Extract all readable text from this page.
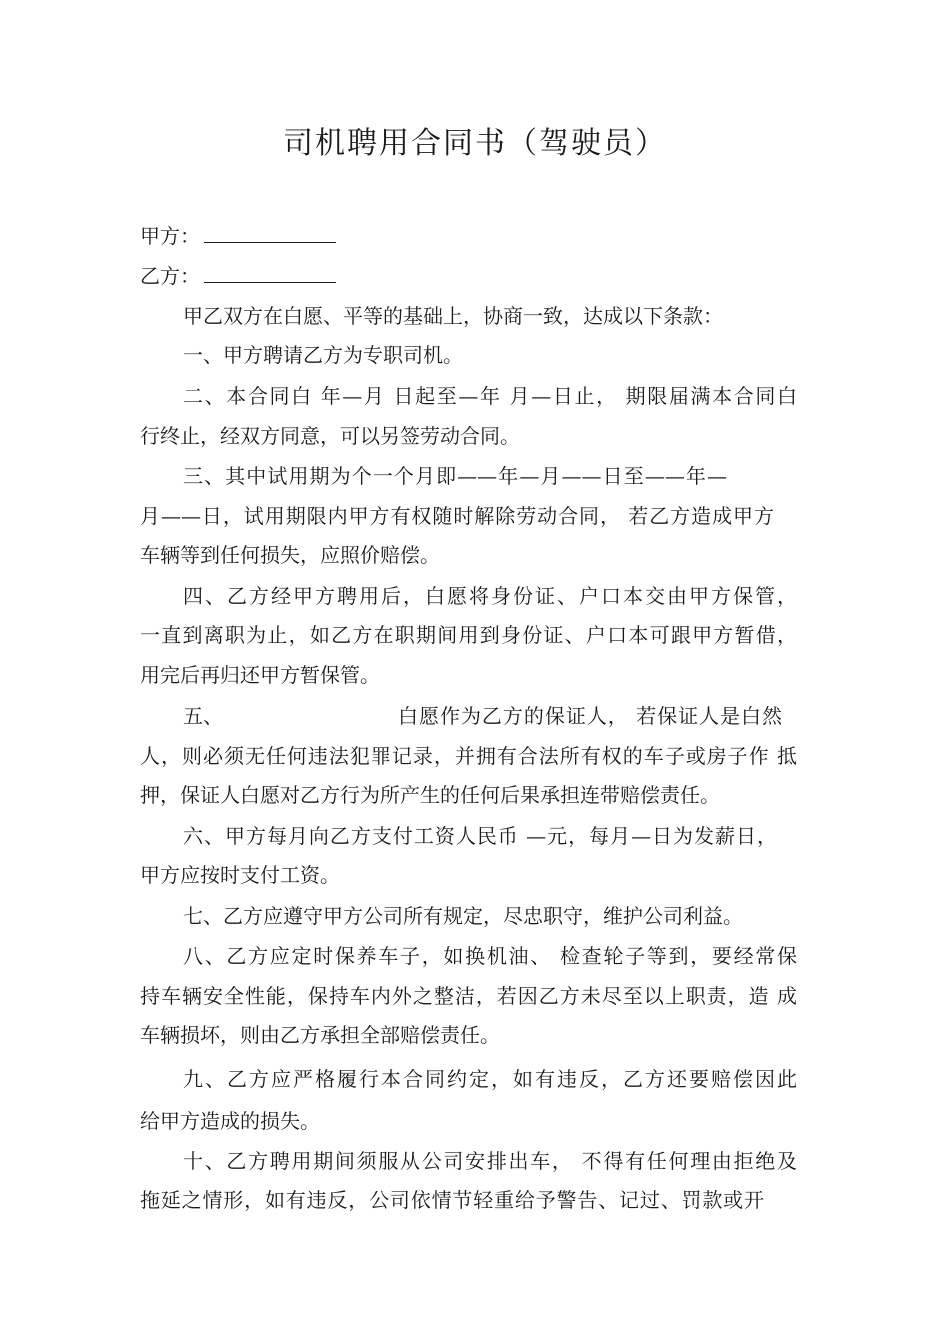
司机聘用合同书（驾驶员）
甲方：
乙方：
甲乙双方在白愿、平等的基础上，协商一致，达成以下条款：
一、甲方聘请乙方为专职司机。
二、本合同白 年—月 日起至—年 月—日止， 期限届满本合同白
行终止，经双方同意，可以另签劳动合同。
三、其中试用期为个一个月即——年—月——日至——年—
月——日，试用期限内甲方有权随时解除劳动合同， 若乙方造成甲方
车辆等到任何损失，应照价赔偿。
四、乙方经甲方聘用后，白愿将身份证、户口本交由甲方保管，
一直到离职为止，如乙方在职期间用到身份证、户口本可跟甲方暂借，
用完后再归还甲方暂保管。
五、	白愿作为乙方的保证人， 若保证人是白然
人，则必须无任何违法犯罪记录，并拥有合法所有权的车子或房子作 抵
押，保证人白愿对乙方行为所产生的任何后果承担连带赔偿责任。
六、甲方每月向乙方支付工资人民币 —元，每月—日为发薪日，
甲方应按时支付工资。
七、乙方应遵守甲方公司所有规定，尽忠职守，维护公司利益。
八、乙方应定时保养车子，如换机油、 检查轮子等到，要经常保
持车辆安全性能，保持车内外之整洁，若因乙方未尽至以上职责，造 成
车辆损坏，则由乙方承担全部赔偿责任。
九、乙方应严格履行本合同约定，如有违反，乙方还要赔偿因此
给甲方造成的损失。
十、乙方聘用期间须服从公司安排出车， 不得有任何理由拒绝及
拖延之情形，如有违反，公司依情节轻重给予警告、记过、罚款或开
